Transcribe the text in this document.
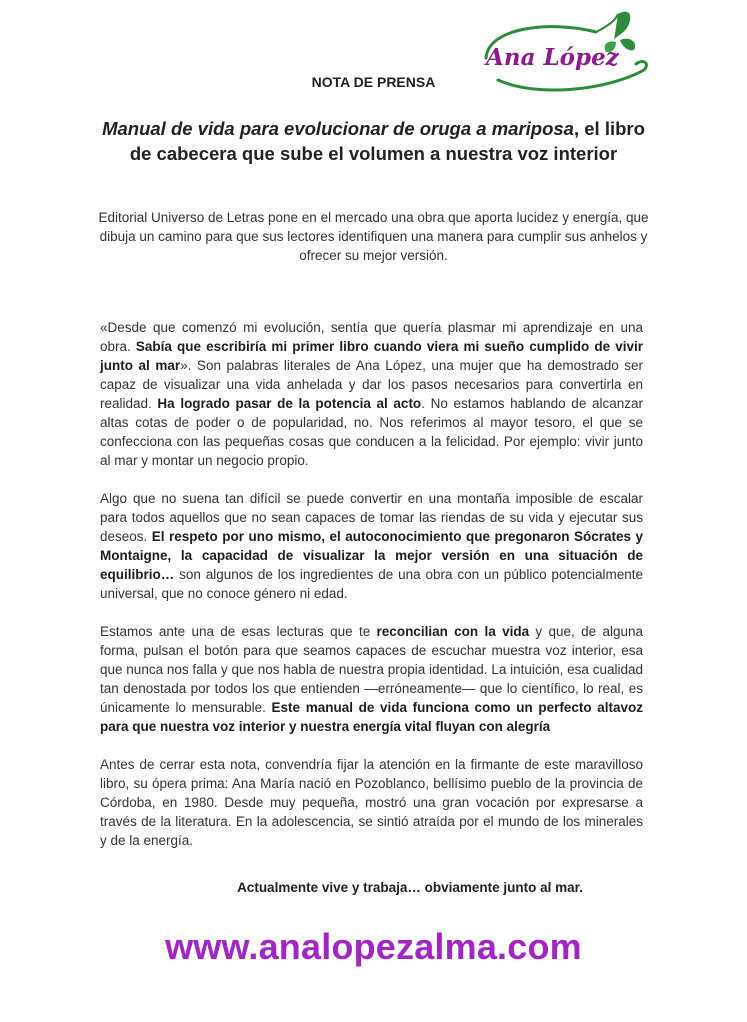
Ana López
NOTA DE PRENSA
Manual de vida para evolucionar de oruga a mariposa, el libro de cabecera que sube el volumen a nuestra voz interior
Editorial Universo de Letras pone en el mercado una obra que aporta lucidez y energía, que dibuja un camino para que sus lectores identifiquen una manera para cumplir sus anhelos y ofrecer su mejor versión.

«Desde que comenzó mi evolución, sentía que quería plasmar mi aprendizaje en una obra. Sabía que escribiría mi primer libro cuando viera mi sueño cumplido de vivir junto al mar». Son palabras literales de Ana López, una mujer que ha demostrado ser capaz de visualizar una vida anhelada y dar los pasos necesarios para convertirla en realidad. Ha logrado pasar de la potencia al acto. No estamos hablando de alcanzar altas cotas de poder o de popularidad, no. Nos referimos al mayor tesoro, el que se confecciona con las pequeñas cosas que conducen a la felicidad. Por ejemplo: vivir junto al mar y montar un negocio propio.

Algo que no suena tan difícil se puede convertir en una montaña imposible de escalar para todos aquellos que no sean capaces de tomar las riendas de su vida y ejecutar sus deseos. El respeto por uno mismo, el autoconocimiento que pregonaron Sócrates y Montaigne, la capacidad de visualizar la mejor versión en una situación de equilibrio… son algunos de los ingredientes de una obra con un público potencialmente universal, que no conoce género ni edad.

Estamos ante una de esas lecturas que te reconcilian con la vida y que, de alguna forma, pulsan el botón para que seamos capaces de escuchar muestra voz interior, esa que nunca nos falla y que nos habla de nuestra propia identidad. La intuición, esa cualidad tan denostada por todos los que entienden —erróneamente— que lo científico, lo real, es únicamente lo mensurable. Este manual de vida funciona como un perfecto altavoz para que nuestra voz interior y nuestra energía vital fluyan con alegría

Antes de cerrar esta nota, convendría fijar la atención en la firmante de este maravilloso libro, su ópera prima: Ana María nació en Pozoblanco, bellísimo pueblo de la provincia de Córdoba, en 1980. Desde muy pequeña, mostró una gran vocación por expresarse a través de la literatura. En la adolescencia, se sintió atraída por el mundo de los minerales y de la energía.

Actualmente vive y trabaja… obviamente junto al mar.
www.analopezalma.com
